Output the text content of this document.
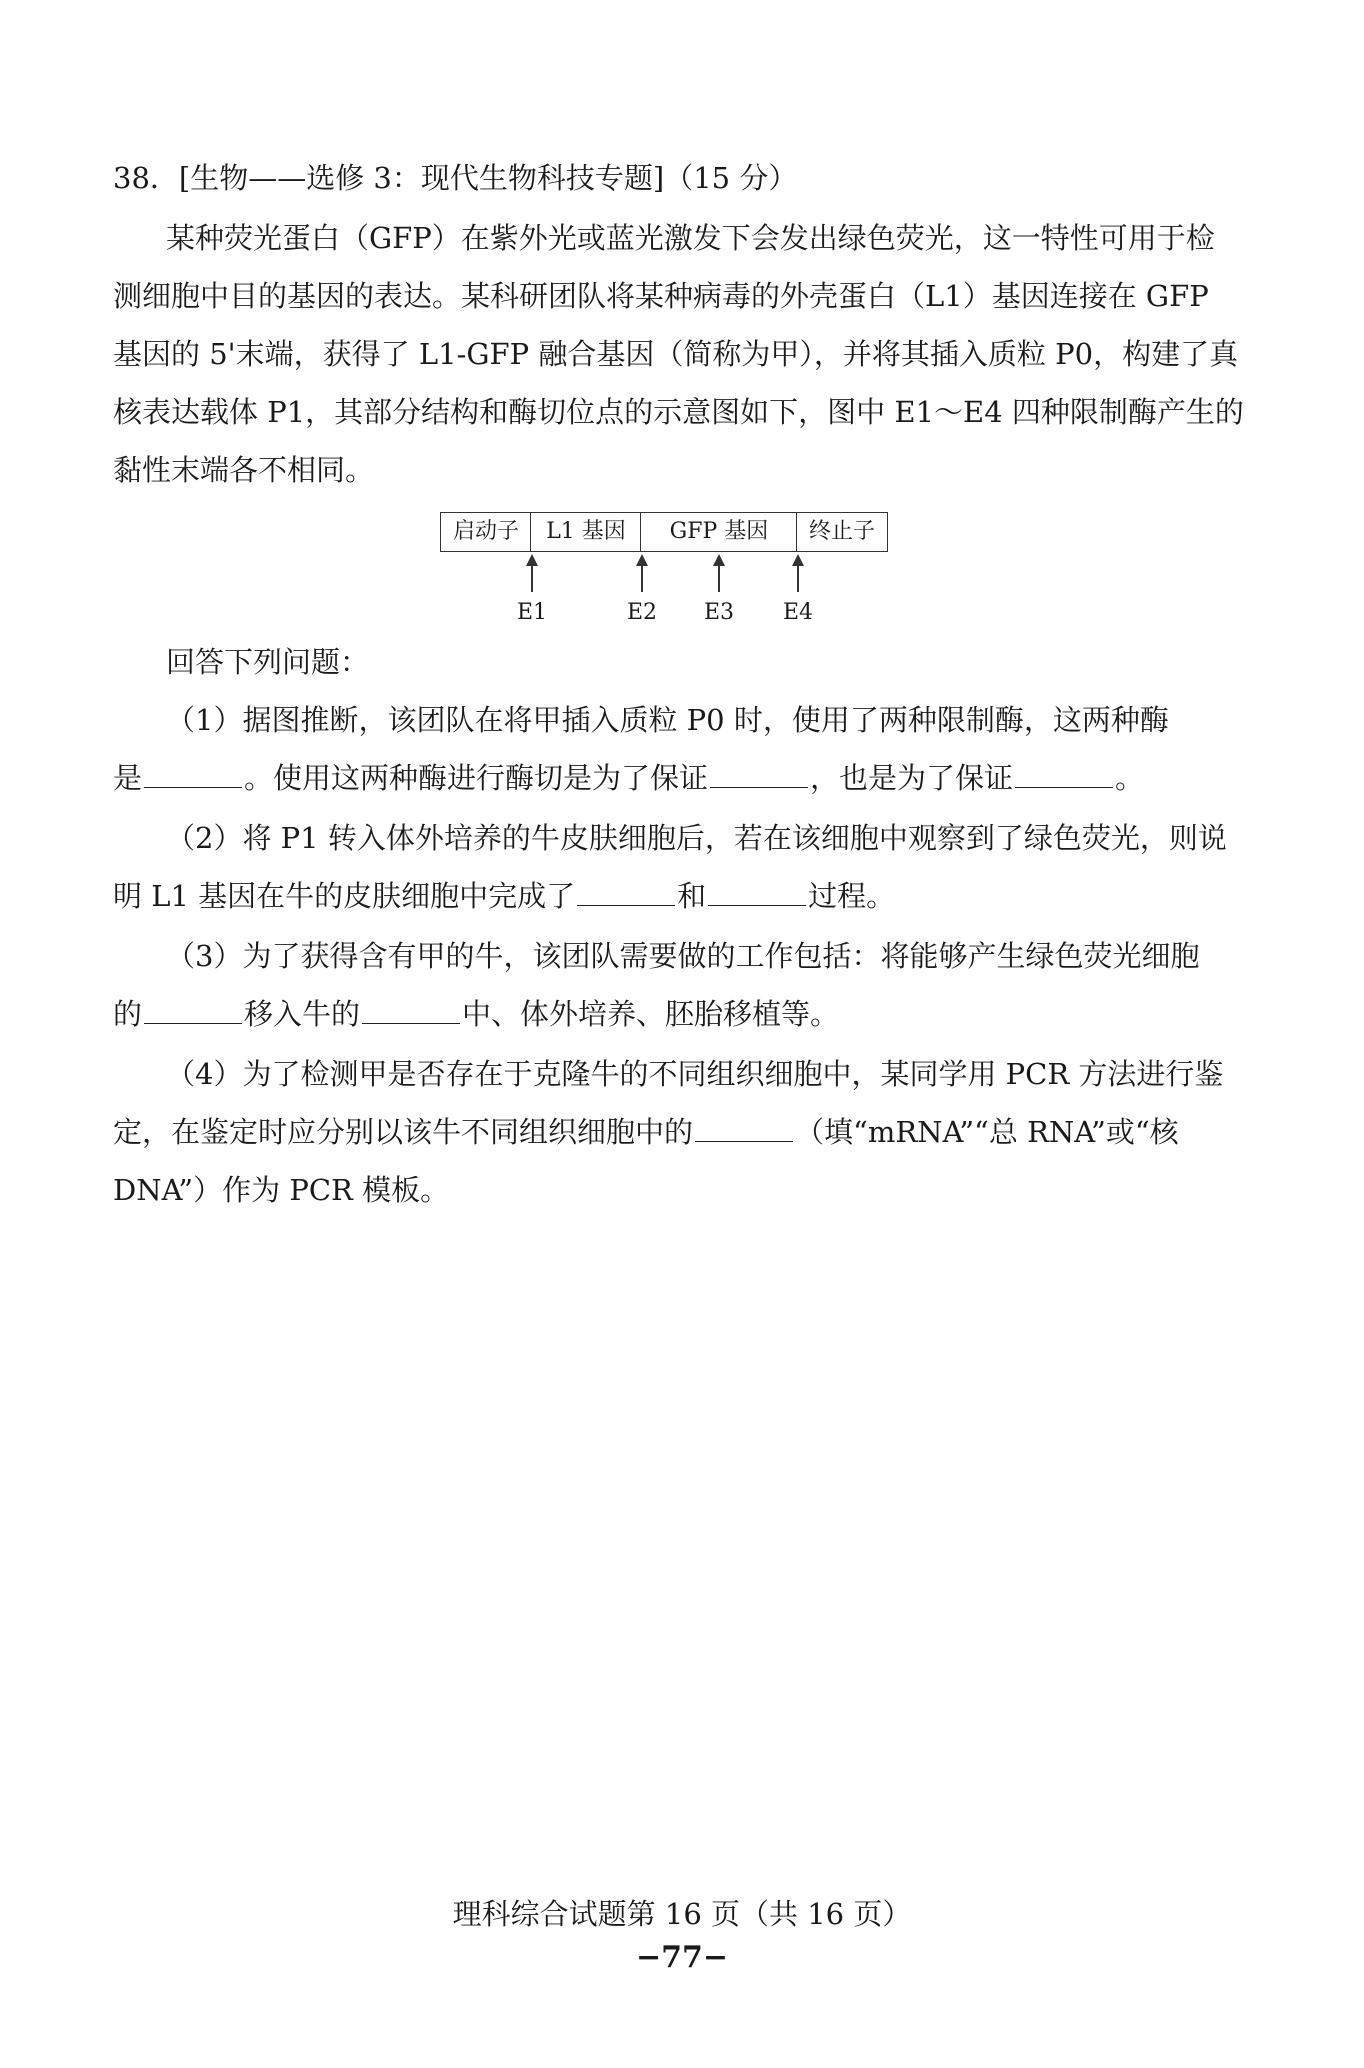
38．[生物——选修 3：现代生物科技专题]（15 分）
某种荧光蛋白（GFP）在紫外光或蓝光激发下会发出绿色荧光，这一特性可用于检
测细胞中目的基因的表达。某科研团队将某种病毒的外壳蛋白（L1）基因连接在 GFP
基因的 5'末端，获得了 L1-GFP 融合基因（简称为甲），并将其插入质粒 P0，构建了真
核表达载体 P1，其部分结构和酶切位点的示意图如下，图中 E1～E4 四种限制酶产生的
黏性末端各不相同。
启动子	L1 基因	GFP 基因	终止子
E1	E2	E3	E4
回答下列问题：
（1）据图推断，该团队在将甲插入质粒 P0 时，使用了两种限制酶，这两种酶
是	。使用这两种酶进行酶切是为了保证	，也是为了保证	。
（2）将 P1 转入体外培养的牛皮肤细胞后，若在该细胞中观察到了绿色荧光，则说
明 L1 基因在牛的皮肤细胞中完成了	和	过程。
（3）为了获得含有甲的牛，该团队需要做的工作包括：将能够产生绿色荧光细胞
的	移入牛的	中、体外培养、胚胎移植等。
（4）为了检测甲是否存在于克隆牛的不同组织细胞中，某同学用 PCR 方法进行鉴
定，在鉴定时应分别以该牛不同组织细胞中的	（填“mRNA”“总 RNA”或“核
DNA”）作为 PCR 模板。
理科综合试题第 16 页（共 16 页）
−77−
